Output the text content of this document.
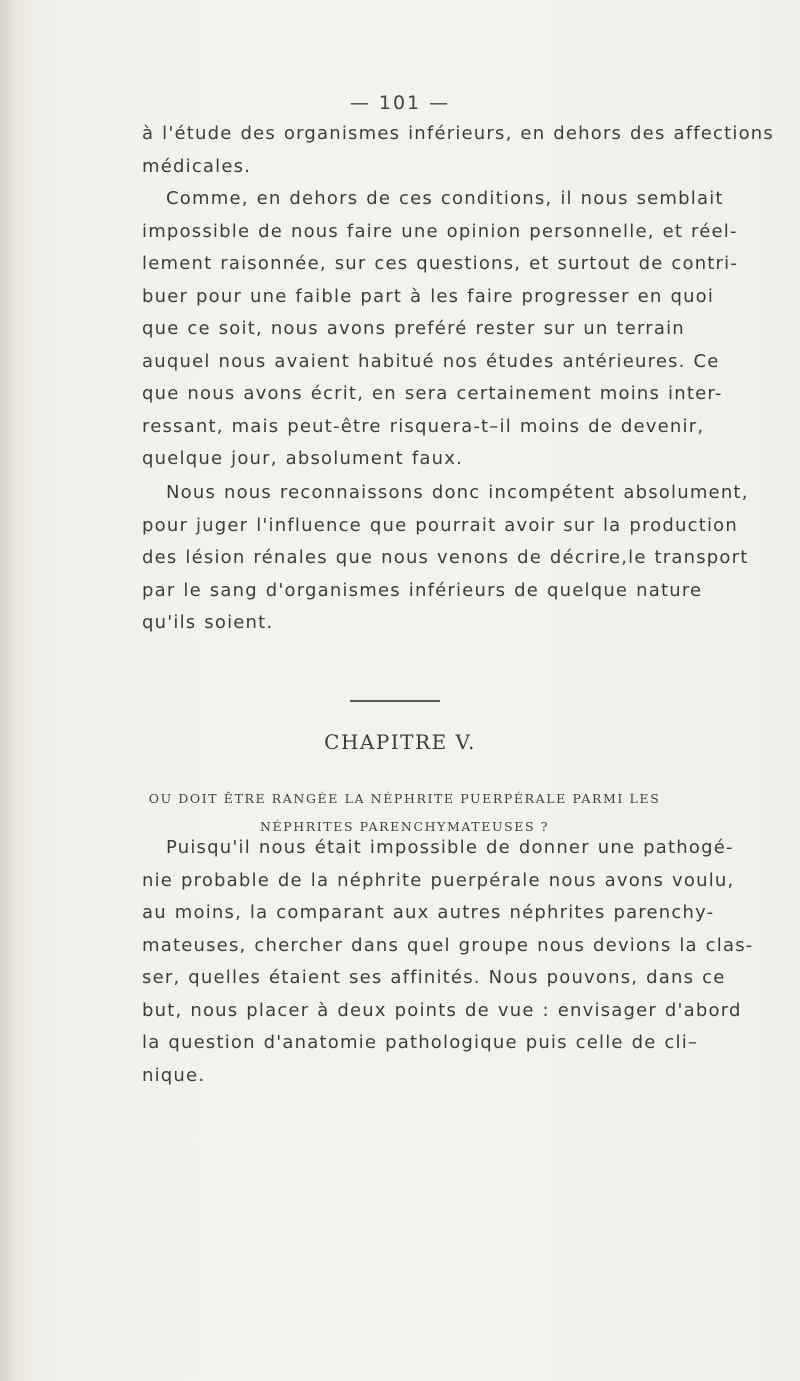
— 101 —

à l'étude des organismes inférieurs, en dehors des affections
médicales.

Comme, en dehors de ces conditions, il nous semblait
impossible de nous faire une opinion personnelle, et réel-
lement raisonnée, sur ces questions, et surtout de contri-
buer pour une faible part à les faire progresser en quoi
que ce soit, nous avons preféré rester sur un terrain
auquel nous avaient habitué nos études antérieures. Ce
que nous avons écrit, en sera certainement moins inter-
ressant, mais peut-être risquera-t–il moins de devenir,
quelque jour, absolument faux.

Nous nous reconnaissons donc incompétent absolument,
pour juger l'influence que pourrait avoir sur la production
des lésion rénales que nous venons de décrire,le transport
par le sang d'organismes inférieurs de quelque nature
qu'ils soient.

CHAPITRE V.
OU DOIT ÊTRE RANGÉE LA NÉPHRITE PUERPÉRALE PARMI LES
NÉPHRITES PARENCHYMATEUSES ?

Puisqu'il nous était impossible de donner une pathogé-
nie probable de la néphrite puerpérale nous avons voulu,
au moins, la comparant aux autres néphrites parenchy-
mateuses, chercher dans quel groupe nous devions la clas-
ser, quelles étaient ses affinités. Nous pouvons, dans ce
but, nous placer à deux points de vue : envisager d'abord
la question d'anatomie pathologique puis celle de cli–
nique.
